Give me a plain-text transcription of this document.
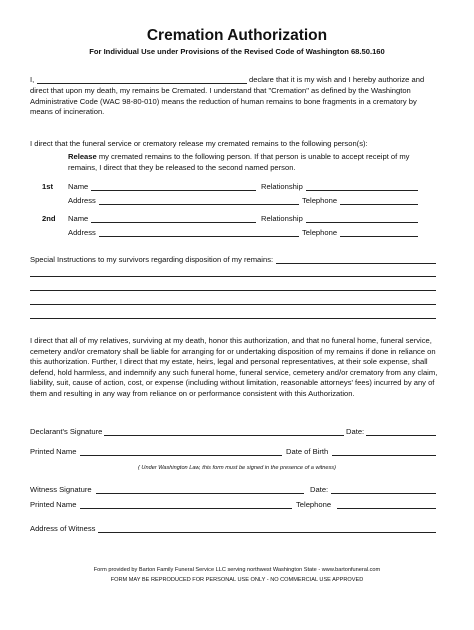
Cremation Authorization
For Individual Use under Provisions of the Revised Code of Washington 68.50.160
I,	declare that it is my wish and I hereby authorize and
direct that upon my death, my remains be Cremated. I understand that "Cremation" as defined by the Washington Administrative Code (WAC 98-80-010) means the reduction of human remains to bone fragments in a crematory by means of incineration.
I direct that the funeral service or crematory release my cremated remains to the following person(s):
Release my cremated remains to the following person. If that person is unable to accept receipt of my remains, I direct that they be released to the second named person.
1st Name	Relationship
Address	Telephone
2nd Name	Relationship
Address	Telephone
Special Instructions to my survivors regarding disposition of my remains:
I direct that all of my relatives, surviving at my death, honor this authorization, and that no funeral home, funeral service, cemetery and/or crematory shall be liable for arranging for or undertaking disposition of my remains if done in reliance on this authorization. Further, I direct that my estate, heirs, legal and personal representatives, at their sole expense, shall defend, hold harmless, and indemnify any such funeral home, funeral service, cemetery and/or crematory from any claim, liability, suit, cause of action, cost, or expense (including without limitation, reasonable attorneys' fees) incurred by any of them and resulting in any way from reliance on or performance consistent with this Authorization.
Declarant's Signature	Date:
Printed Name	Date of Birth
( Under Washington Law, this form must be signed in the presence of a witness)
Witness Signature	Date:
Printed Name	Telephone
Address of Witness
Form provided by Barton Family Funeral Service LLC serving northwest Washington State - www.bartonfuneral.com
FORM MAY BE REPRODUCED FOR PERSONAL USE ONLY - NO COMMERCIAL USE APPROVED
